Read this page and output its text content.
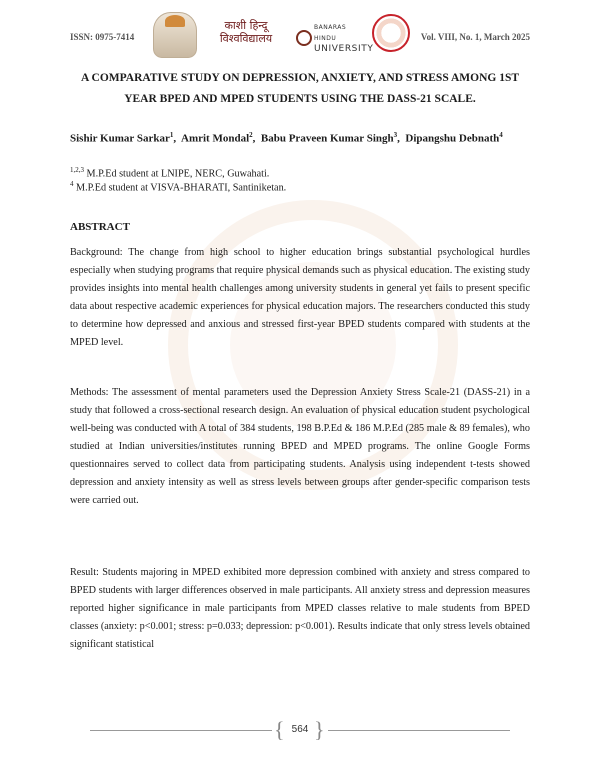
ISSN: 0975-7414
काशी हिन्दू
विश्वविद्यालय
BANARAS HINDU
UNIVERSITY
Vol. VIII, No. 1, March 2025
A COMPARATIVE STUDY ON DEPRESSION, ANXIETY, AND STRESS AMONG 1ST
YEAR BPED AND MPED STUDENTS USING THE DASS-21 SCALE.
Sishir Kumar Sarkar$^1$,  Amrit Mondal$^2$,  Babu Praveen Kumar Singh$^3$,  Dipangshu Debnath$^4$
$^{1,2,3}$ M.P.Ed student at LNIPE, NERC, Guwahati.
$^4$ M.P.Ed student at VISVA-BHARATI, Santiniketan.
ABSTRACT
Background: The change from high school to higher education brings substantial psychological hurdles especially when studying programs that require physical demands such as physical education. The existing study provides insights into mental health challenges among university students in general yet fails to present specific data about respective academic experiences for physical education majors. The researchers conducted this study to determine how depressed and anxious and stressed first-year BPED students compared with students at the MPED level.
Methods: The assessment of mental parameters used the Depression Anxiety Stress Scale-21 (DASS-21) in a study that followed a cross-sectional research design. An evaluation of physical education student psychological well-being was conducted with A total of 384 students, 198 B.P.Ed & 186 M.P.Ed (285 male & 89 females), who studied at Indian universities/institutes running BPED and MPED programs. The online Google Forms questionnaires served to collect data from participating students. Analysis using independent t-tests showed depression and anxiety intensity as well as stress levels between groups after gender-specific comparison tests were carried out.
Result: Students majoring in MPED exhibited more depression combined with anxiety and stress compared to BPED students with larger differences observed in male participants. All anxiety stress and depression measures reported higher significance in male participants from MPED classes relative to male students from BPED classes (anxiety: p<0.001; stress: p=0.033; depression: p<0.001). Results indicate that only stress levels obtained significant statistical
{ 564 }
